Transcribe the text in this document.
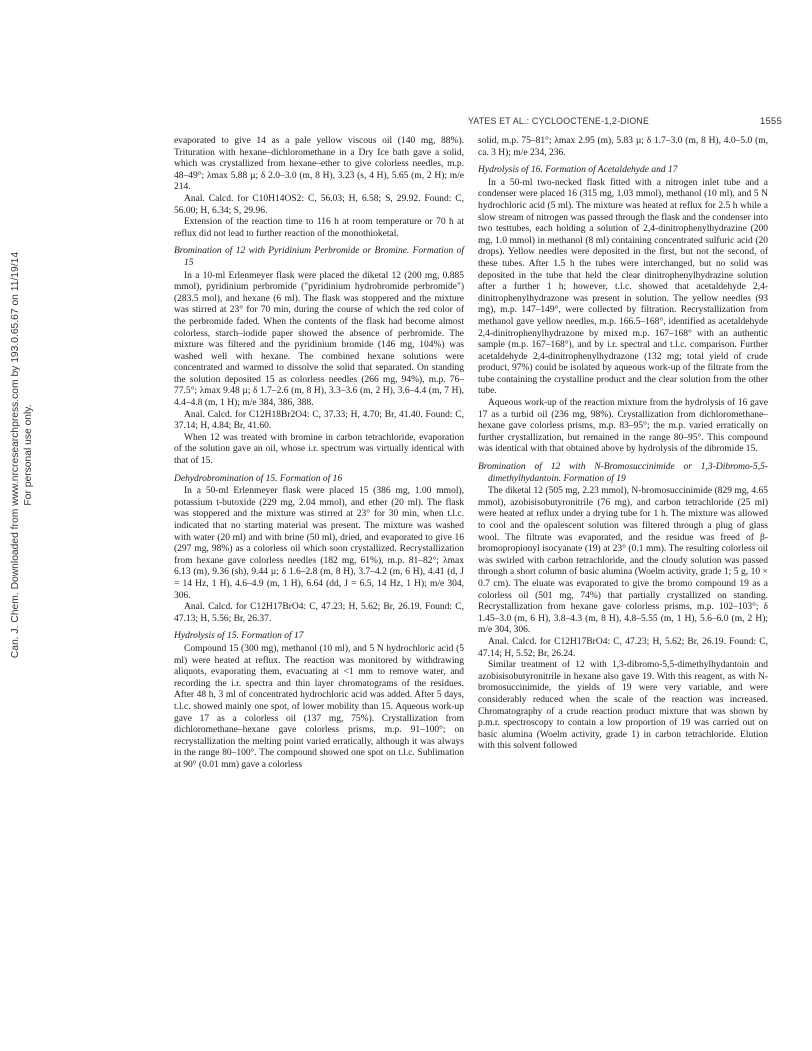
Can. J. Chem. Downloaded from www.nrcresearchpress.com by 193.0.65.67 on 11/19/14 For personal use only.
YATES ET AL.: CYCLOOCTENE-1,2-DIONE	1555

evaporated to give 14 as a pale yellow viscous oil (140 mg, 88%). Trituration with hexane–dichloromethane in a Dry Ice bath gave a solid, which was crystallized from hexane–ether to give colorless needles, m.p. 48–49°; λmax 5.88 µ; δ 2.0–3.0 (m, 8 H), 3.23 (s, 4 H), 5.65 (m, 2 H); m/e 214.

Anal. Calcd. for C10H14OS2: C, 56.03; H, 6.58; S, 29.92. Found: C, 56.00; H, 6.34; S, 29.96.

Extension of the reaction time to 116 h at room temperature or 70 h at reflux did not lead to further reaction of the monothioketal.

Bromination of 12 with Pyridinium Perbromide or Bromine. Formation of 15

In a 10-ml Erlenmeyer flask were placed the diketal 12 (200 mg, 0.885 mmol), pyridinium perbromide ("pyridinium hydrobromide perbromide") (283.5 mol), and hexane (6 ml). The flask was stoppered and the mixture was stirred at 23° for 70 min, during the course of which the red color of the perbromide faded. When the contents of the flask had become almost colorless, starch–iodide paper showed the absence of perbromide. The mixture was filtered and the pyridinium bromide (146 mg, 104%) was washed well with hexane. The combined hexane solutions were concentrated and warmed to dissolve the solid that separated. On standing the solution deposited 15 as colorless needles (266 mg, 94%), m.p. 76–77.5°; λmax 9.48 µ; δ 1.7–2.6 (m, 8 H), 3.3–3.6 (m, 2 H), 3.6–4.4 (m, 7 H), 4.4–4.8 (m, 1 H); m/e 384, 386, 388.

Anal. Calcd. for C12H18Br2O4: C, 37.33; H, 4.70; Br, 41.40. Found: C, 37.14; H, 4.84; Br, 41.60.

When 12 was treated with bromine in carbon tetrachloride, evaporation of the solution gave an oil, whose i.r. spectrum was virtually identical with that of 15.

Dehydrobromination of 15. Formation of 16

In a 50-ml Erlenmeyer flask were placed 15 (386 mg, 1.00 mmol), potassium t-butoxide (229 mg, 2.04 mmol), and ether (20 ml). The flask was stoppered and the mixture was stirred at 23° for 30 min, when t.l.c. indicated that no starting material was present. The mixture was washed with water (20 ml) and with brine (50 ml), dried, and evaporated to give 16 (297 mg, 98%) as a colorless oil which soon crystallized. Recrystallization from hexane gave colorless needles (182 mg, 61%), m.p. 81–82°; λmax 6.13 (m), 9.36 (sh), 9.44 µ; δ 1.6–2.8 (m, 8 H), 3.7–4.2 (m, 6 H), 4.41 (d, J = 14 Hz, 1 H), 4.6–4.9 (m, 1 H), 6.64 (dd, J = 6.5, 14 Hz, 1 H); m/e 304, 306.

Anal. Calcd. for C12H17BrO4: C, 47.23; H, 5.62; Br, 26.19. Found: C, 47.13; H, 5.56; Br, 26.37.

Hydrolysis of 15. Formation of 17

Compound 15 (300 mg), methanol (10 ml), and 5 N hydrochloric acid (5 ml) were heated at reflux. The reaction was monitored by withdrawing aliquots, evaporating them, evacuating at <1 mm to remove water, and recording the i.r. spectra and thin layer chromatograms of the residues. After 48 h, 3 ml of concentrated hydrochloric acid was added. After 5 days, t.l.c. showed mainly one spot, of lower mobility than 15. Aqueous work-up gave 17 as a colorless oil (137 mg, 75%). Crystallization from dichloromethane–hexane gave colorless prisms, m.p. 91–100°; on recrystallization the melting point varied erratically, although it was always in the range 80–100°. The compound showed one spot on t.l.c. Sublimation at 90° (0.01 mm) gave a colorless

solid, m.p. 75–81°; λmax 2.95 (m), 5.83 µ; δ 1.7–3.0 (m, 8 H), 4.0–5.0 (m, ca. 3 H); m/e 234, 236.

Hydrolysis of 16. Formation of Acetaldehyde and 17

In a 50-ml two-necked flask fitted with a nitrogen inlet tube and a condenser were placed 16 (315 mg, 1.03 mmol), methanol (10 ml), and 5 N hydrochloric acid (5 ml). The mixture was heated at reflux for 2.5 h while a slow stream of nitrogen was passed through the flask and the condenser into two testtubes, each holding a solution of 2,4-dinitrophenylhydrazine (200 mg, 1.0 mmol) in methanol (8 ml) containing concentrated sulfuric acid (20 drops). Yellow needles were deposited in the first, but not the second, of these tubes. After 1.5 h the tubes were interchanged, but no solid was deposited in the tube that held the clear dinitrophenylhydrazine solution after a further 1 h; however, t.l.c. showed that acetaldehyde 2,4-dinitrophenylhydrazone was present in solution. The yellow needles (93 mg), m.p. 147–149°, were collected by filtration. Recrystallization from methanol gave yellow needles, m.p. 166.5–168°, identified as acetaldehyde 2,4-dinitrophenylhydrazone by mixed m.p. 167–168° with an authentic sample (m.p. 167–168°), and by i.r. spectral and t.l.c. comparison. Further acetaldehyde 2,4-dinitrophenylhydrazone (132 mg; total yield of crude product, 97%) could be isolated by aqueous work-up of the filtrate from the tube containing the crystalline product and the clear solution from the other tube.

Aqueous work-up of the reaction mixture from the hydrolysis of 16 gave 17 as a turbid oil (236 mg, 98%). Crystallization from dichloromethane–hexane gave colorless prisms, m.p. 83–95°; the m.p. varied erratically on further crystallization, but remained in the range 80–95°. This compound was identical with that obtained above by hydrolysis of the dibromide 15.

Bromination of 12 with N-Bromosuccinimide or 1,3-Dibromo-5,5-dimethylhydantoin. Formation of 19

The diketal 12 (505 mg, 2.23 mmol), N-bromosuccinimide (829 mg, 4.65 mmol), azobisisobutyronitrile (76 mg), and carbon tetrachloride (25 ml) were heated at reflux under a drying tube for 1 h. The mixture was allowed to cool and the opalescent solution was filtered through a plug of glass wool. The filtrate was evaporated, and the residue was freed of β-bromopropionyl isocyanate (19) at 23° (0.1 mm). The resulting colorless oil was swirled with carbon tetrachloride, and the cloudy solution was passed through a short column of basic alumina (Woelm activity, grade 1; 5 g, 10 × 0.7 cm). The eluate was evaporated to give the bromo compound 19 as a colorless oil (501 mg, 74%) that partially crystallized on standing. Recrystallization from hexane gave colorless prisms, m.p. 102–103°; δ 1.45–3.0 (m, 6 H), 3.8–4.3 (m, 8 H), 4.8–5.55 (m, 1 H), 5.6–6.0 (m, 2 H); m/e 304, 306.

Anal. Calcd. for C12H17BrO4: C, 47.23; H, 5.62; Br, 26.19. Found: C, 47.14; H, 5.52; Br, 26.24.

Similar treatment of 12 with 1,3-dibromo-5,5-dimethylhydantoin and azobisisobutyronitrile in hexane also gave 19. With this reagent, as with N-bromosuccinimide, the yields of 19 were very variable, and were considerably reduced when the scale of the reaction was increased. Chromatography of a crude reaction product mixture that was shown by p.m.r. spectroscopy to contain a low proportion of 19 was carried out on basic alumina (Woelm activity, grade 1) in carbon tetrachloride. Elution with this solvent followed
